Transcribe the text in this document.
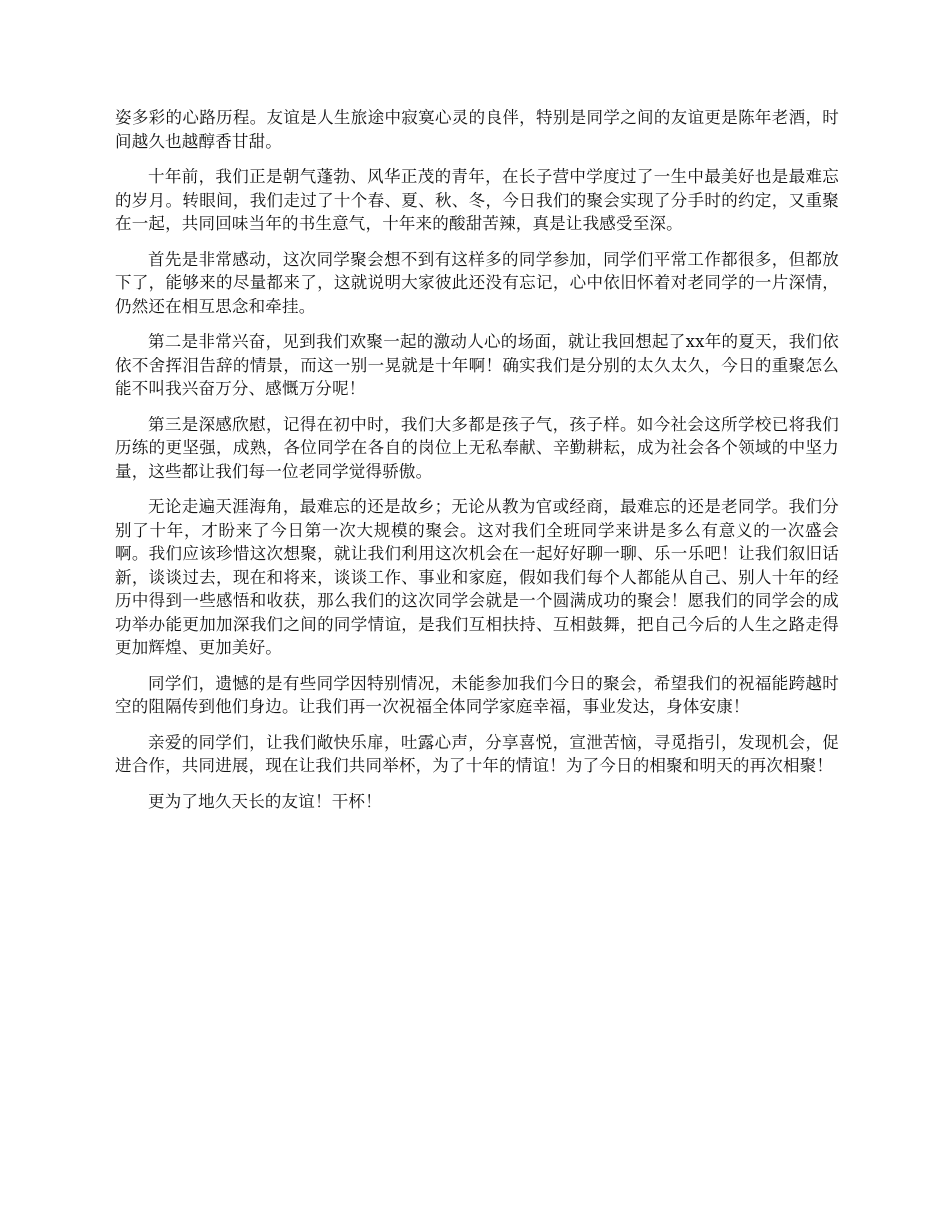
姿多彩的心路历程。友谊是人生旅途中寂寞心灵的良伴，特别是同学之间的友谊更是陈年老酒，时间越久也越醇香甘甜。

十年前，我们正是朝气蓬勃、风华正茂的青年，在长子营中学度过了一生中最美好也是最难忘的岁月。转眼间，我们走过了十个春、夏、秋、冬，今日我们的聚会实现了分手时的约定，又重聚在一起，共同回味当年的书生意气，十年来的酸甜苦辣，真是让我感受至深。

首先是非常感动，这次同学聚会想不到有这样多的同学参加，同学们平常工作都很多，但都放下了，能够来的尽量都来了，这就说明大家彼此还没有忘记，心中依旧怀着对老同学的一片深情，仍然还在相互思念和牵挂。

第二是非常兴奋，见到我们欢聚一起的激动人心的场面，就让我回想起了xx年的夏天，我们依依不舍挥泪告辞的情景，而这一别一晃就是十年啊！确实我们是分别的太久太久，今日的重聚怎么能不叫我兴奋万分、感慨万分呢！

第三是深感欣慰，记得在初中时，我们大多都是孩子气，孩子样。如今社会这所学校已将我们历练的更坚强，成熟，各位同学在各自的岗位上无私奉献、辛勤耕耘，成为社会各个领域的中坚力量，这些都让我们每一位老同学觉得骄傲。

无论走遍天涯海角，最难忘的还是故乡；无论从教为官或经商，最难忘的还是老同学。我们分别了十年，才盼来了今日第一次大规模的聚会。这对我们全班同学来讲是多么有意义的一次盛会啊。我们应该珍惜这次想聚，就让我们利用这次机会在一起好好聊一聊、乐一乐吧！让我们叙旧话新，谈谈过去，现在和将来，谈谈工作、事业和家庭，假如我们每个人都能从自己、别人十年的经历中得到一些感悟和收获，那么我们的这次同学会就是一个圆满成功的聚会！愿我们的同学会的成功举办能更加加深我们之间的同学情谊，是我们互相扶持、互相鼓舞，把自己今后的人生之路走得更加辉煌、更加美好。

同学们，遗憾的是有些同学因特别情况，未能参加我们今日的聚会，希望我们的祝福能跨越时空的阻隔传到他们身边。让我们再一次祝福全体同学家庭幸福，事业发达，身体安康！

亲爱的同学们，让我们敞快乐扉，吐露心声，分享喜悦，宣泄苦恼，寻觅指引，发现机会，促进合作，共同进展，现在让我们共同举杯，为了十年的情谊！为了今日的相聚和明天的再次相聚！

更为了地久天长的友谊！干杯！
